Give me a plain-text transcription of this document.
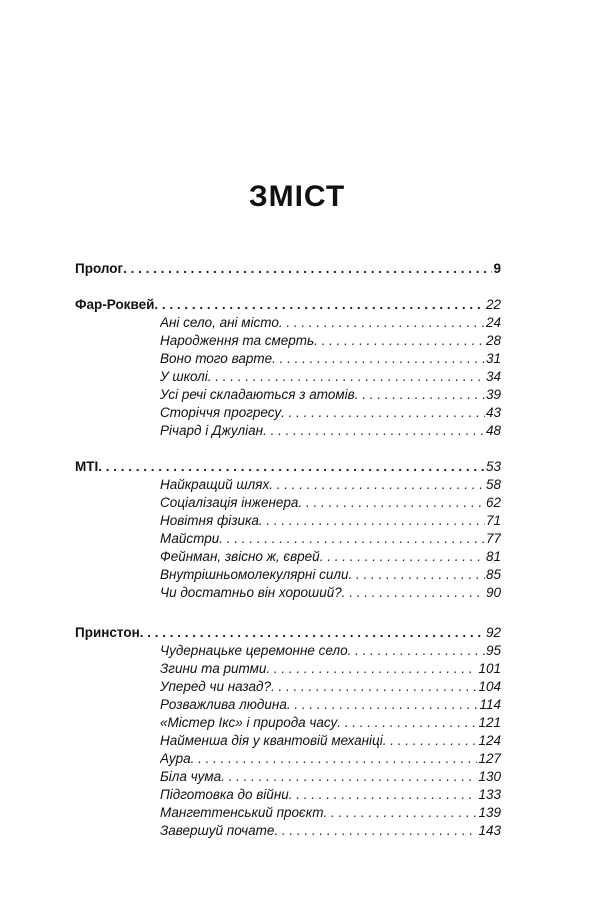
ЗМІСТ
Пролог . . .	9
Фар-Роквей . . .	22
Ані село, ані місто . . .	24
Народження та смерть . . .	28
Воно того варте . . .	31
У школі . . .	34
Усі речі складаються з атомів . . .	39
Сторіччя прогресу . . .	43
Річард і Джуліан . . .	48
МТІ . . .	53
Найкращий шлях . . .	58
Соціалізація інженера . . .	62
Новітня фізика . . .	71
Майстри . . .	77
Фейнман, звісно ж, єврей . . .	81
Внутрішньомолекулярні сили . . .	85
Чи достатньо він хороший? . . .	90
Принстон . . .	92
Чудернацьке церемонне село . . .	95
Згини та ритми . . .	101
Уперед чи назад? . . .	104
Розважлива людина . . .	114
«Містер Ікс» і природа часу . . .	121
Найменша дія у квантовій механіці . . .	124
Аура . . .	127
Біла чума . . .	130
Підготовка до війни . . .	133
Мангеттенський проєкт . . .	139
Завершуй почате . . .	143
